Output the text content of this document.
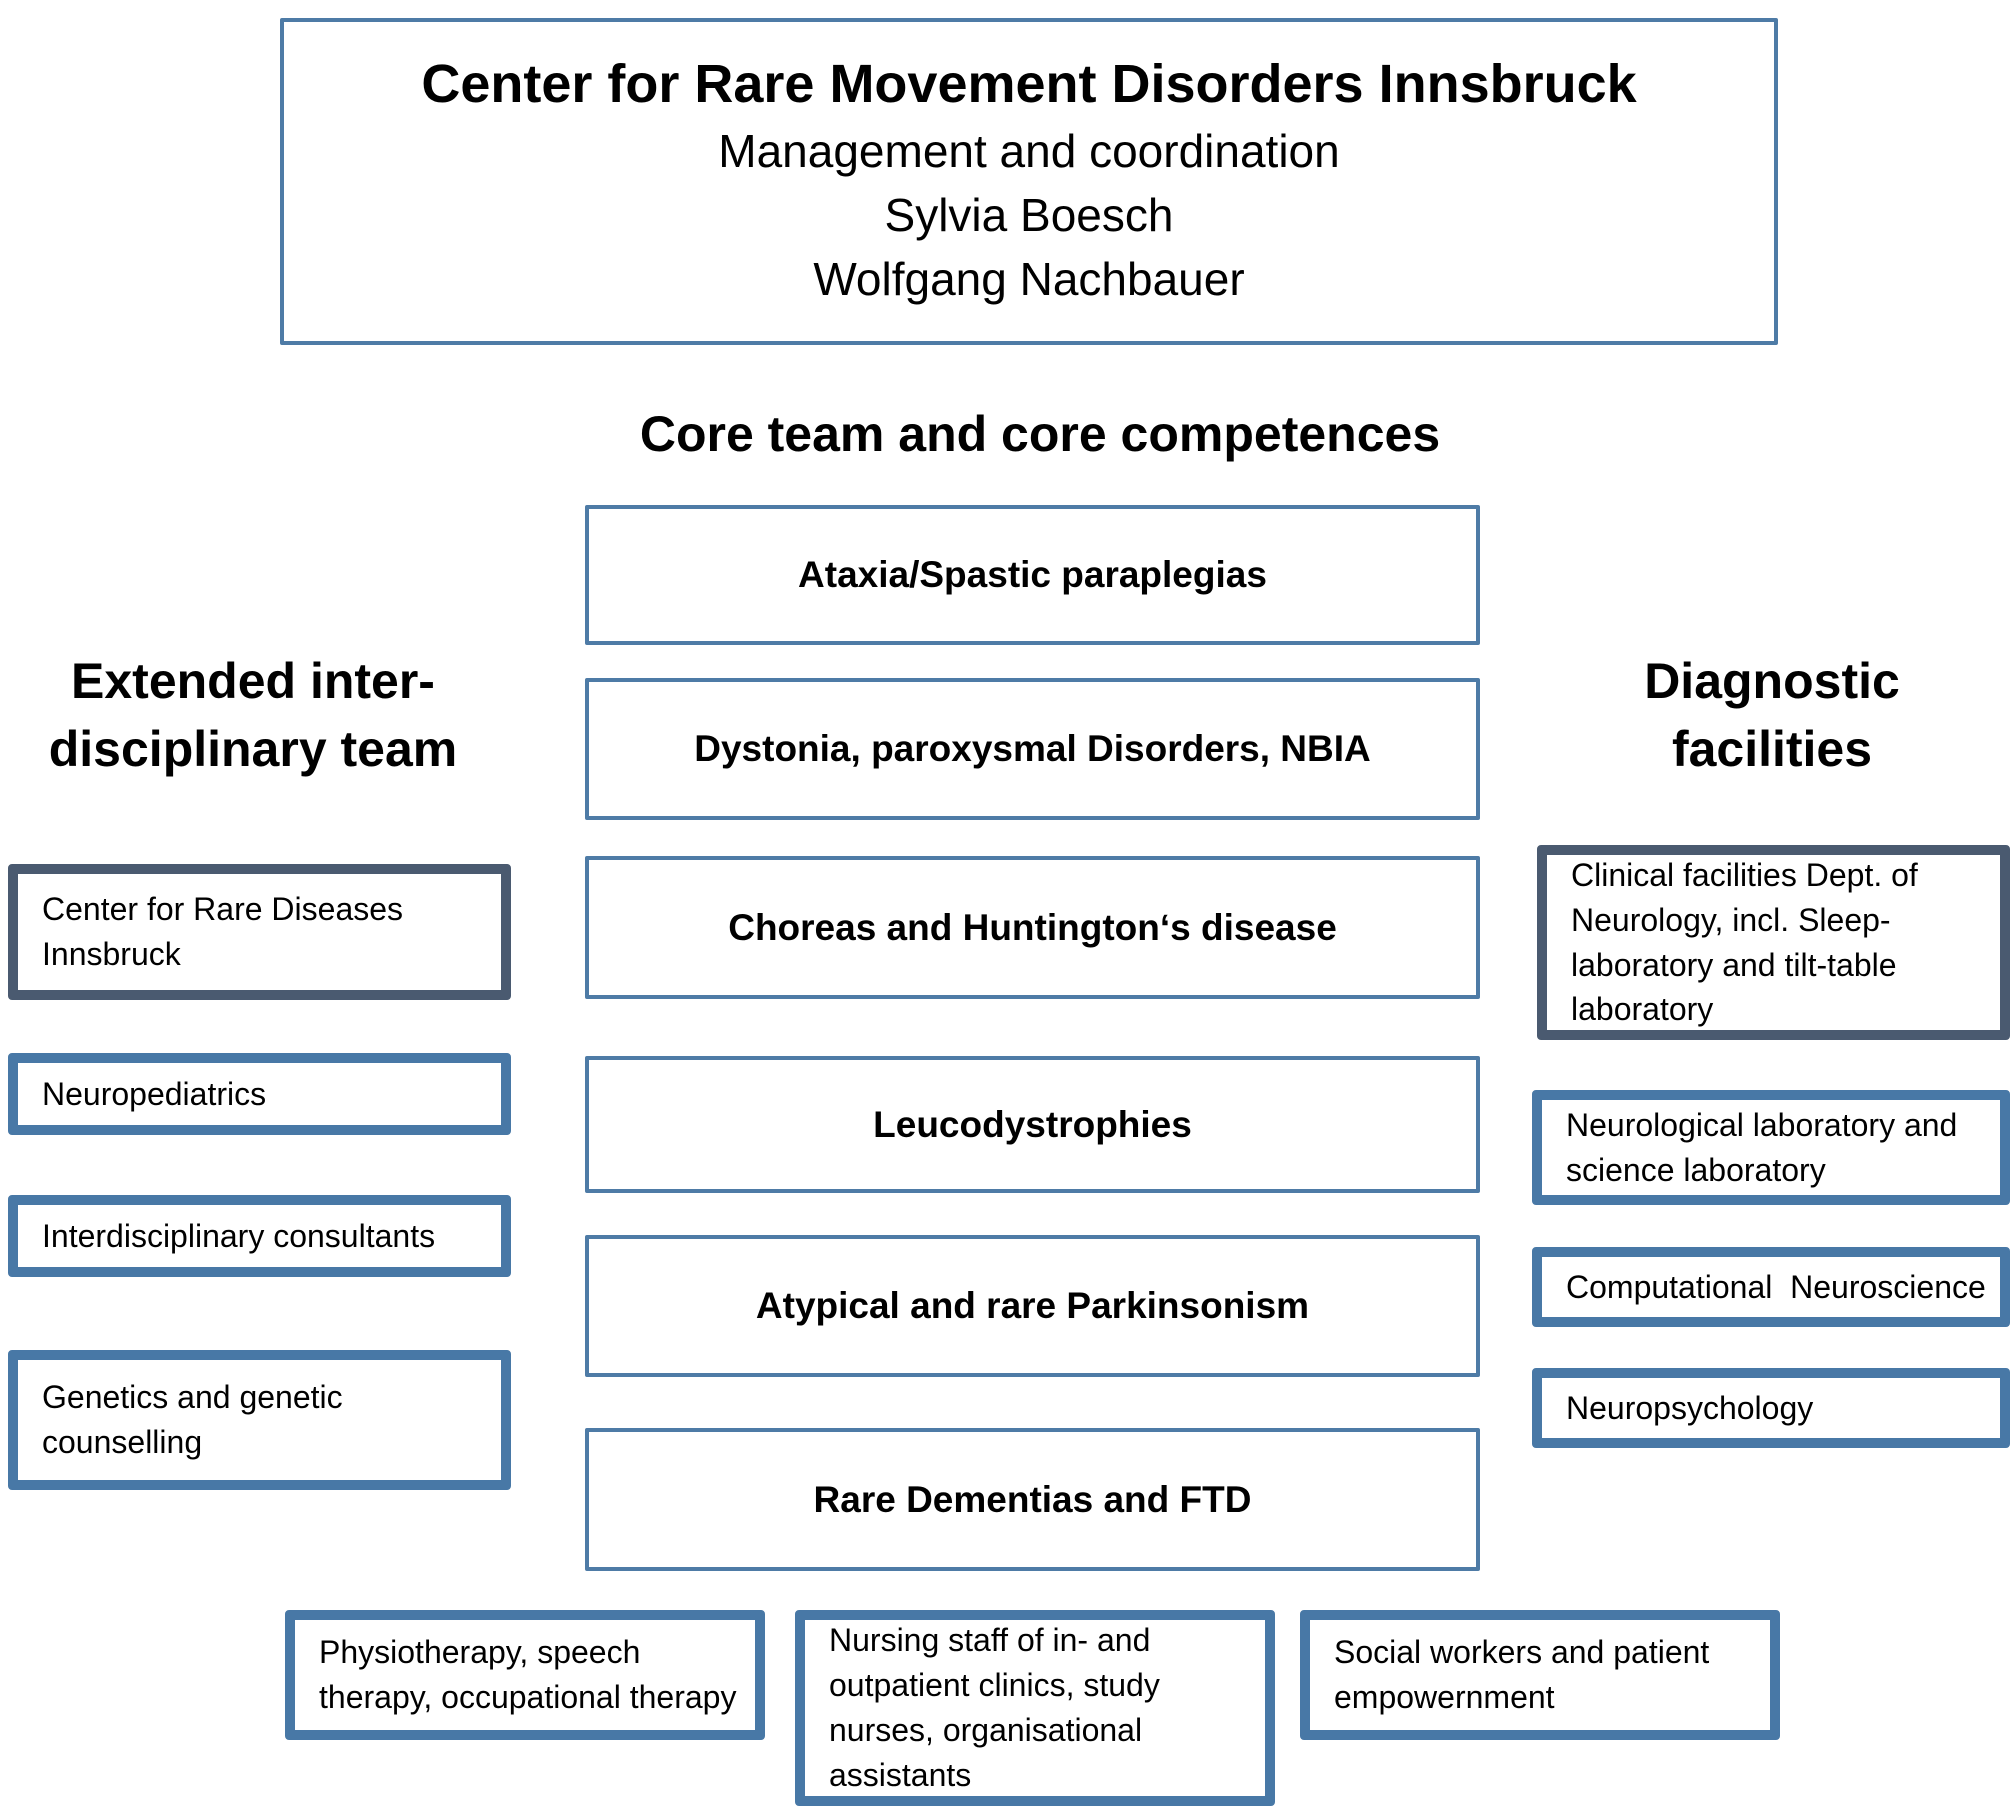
Center for Rare Movement Disorders Innsbruck
Management and coordination
Sylvia Boesch
Wolfgang Nachbauer
Core team and core competences
Ataxia/Spastic paraplegias
Dystonia, paroxysmal Disorders, NBIA
Choreas and Huntington‘s disease
Leucodystrophies
Atypical and rare Parkinsonism
Rare Dementias and FTD
Extended inter-
disciplinary team
Center for Rare Diseases Innsbruck
Neuropediatrics
Interdisciplinary consultants
Genetics and genetic counselling
Diagnostic
facilities
Clinical facilities Dept. of Neurology, incl. Sleep-laboratory and tilt-table laboratory
Neurological laboratory and science laboratory
Computational  Neuroscience
Neuropsychology
Physiotherapy, speech therapy, occupational therapy
Nursing staff of in- and outpatient clinics, study nurses, organisational assistants
Social workers and patient empowernment
